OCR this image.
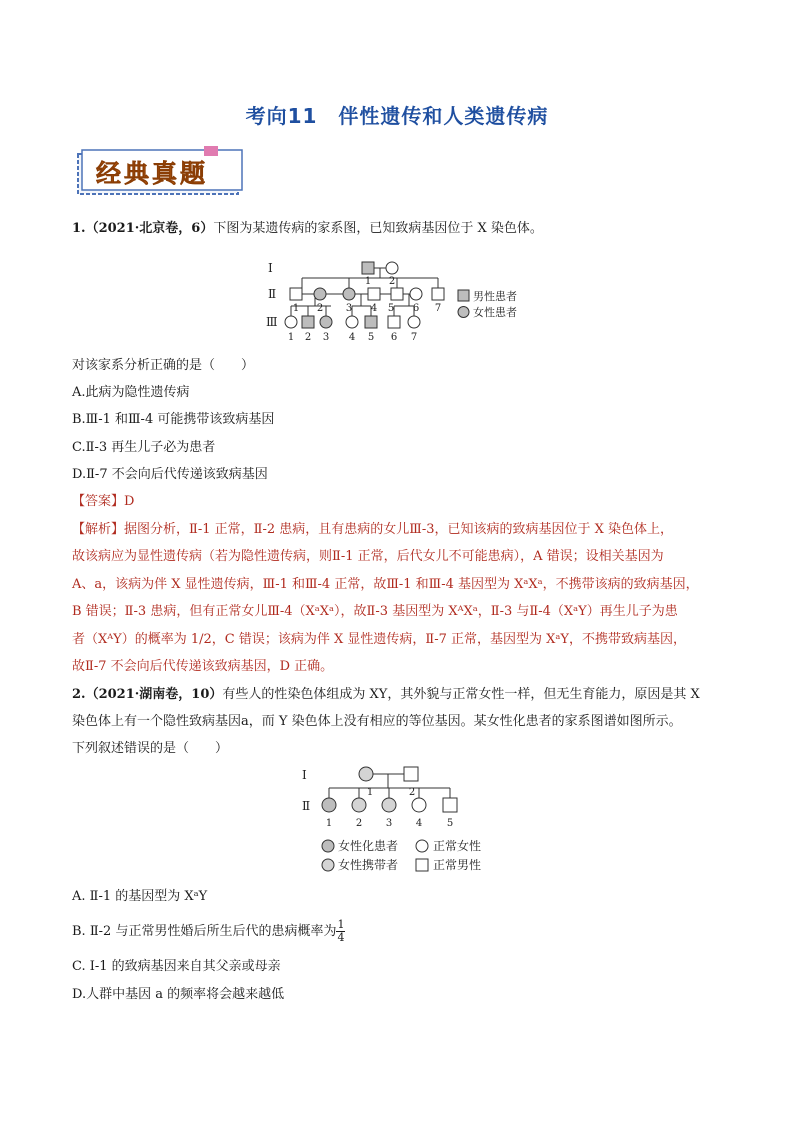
考向11　伴性遗传和人类遗传病
经典真题
1.（2021·北京卷，6）下图为某遗传病的家系图，已知致病基因位于 X 染色体。
Ⅰ
Ⅱ
Ⅲ
1 2
1 2 3 4 5 6 7
1 2 3 4 5 6 7
男性患者
女性患者
对该家系分析正确的是（　　）
A.此病为隐性遗传病
B.Ⅲ-1 和Ⅲ-4 可能携带该致病基因
C.Ⅱ-3 再生儿子必为患者
D.Ⅱ-7 不会向后代传递该致病基因
【答案】D
【解析】据图分析，Ⅱ-1 正常，Ⅱ-2 患病，且有患病的女儿Ⅲ-3，已知该病的致病基因位于 X 染色体上，
故该病应为显性遗传病（若为隐性遗传病，则Ⅱ-1 正常，后代女儿不可能患病），A 错误；设相关基因为
A、a，该病为伴 X 显性遗传病，Ⅲ-1 和Ⅲ-4 正常，故Ⅲ-1 和Ⅲ-4 基因型为 XᵃXᵃ，不携带该病的致病基因，
B 错误；Ⅱ-3 患病，但有正常女儿Ⅲ-4（XᵃXᵃ），故Ⅱ-3 基因型为 XᴬXᵃ，Ⅱ-3 与Ⅱ-4（XᵃY）再生儿子为患
者（XᴬY）的概率为 1/2，C 错误；该病为伴 X 显性遗传病，Ⅱ-7 正常，基因型为 XᵃY，不携带致病基因，
故Ⅱ-7 不会向后代传递该致病基因，D 正确。
2.（2021·湖南卷，10）有些人的性染色体组成为 XY，其外貌与正常女性一样，但无生育能力，原因是其 X
染色体上有一个隐性致病基因a，而 Y 染色体上没有相应的等位基因。某女性化患者的家系图谱如图所示。
下列叙述错误的是（　　）
Ⅰ
Ⅱ
1	2
1 2 3 4 5
女性化患者	正常女性
女性携带者	正常男性
A. Ⅱ-1 的基因型为 XᵃY
B. Ⅱ-2 与正常男性婚后所生后代的患病概率为 $\frac{1}{4}$
C. Ⅰ-1 的致病基因来自其父亲或母亲
D.人群中基因 a 的频率将会越来越低
